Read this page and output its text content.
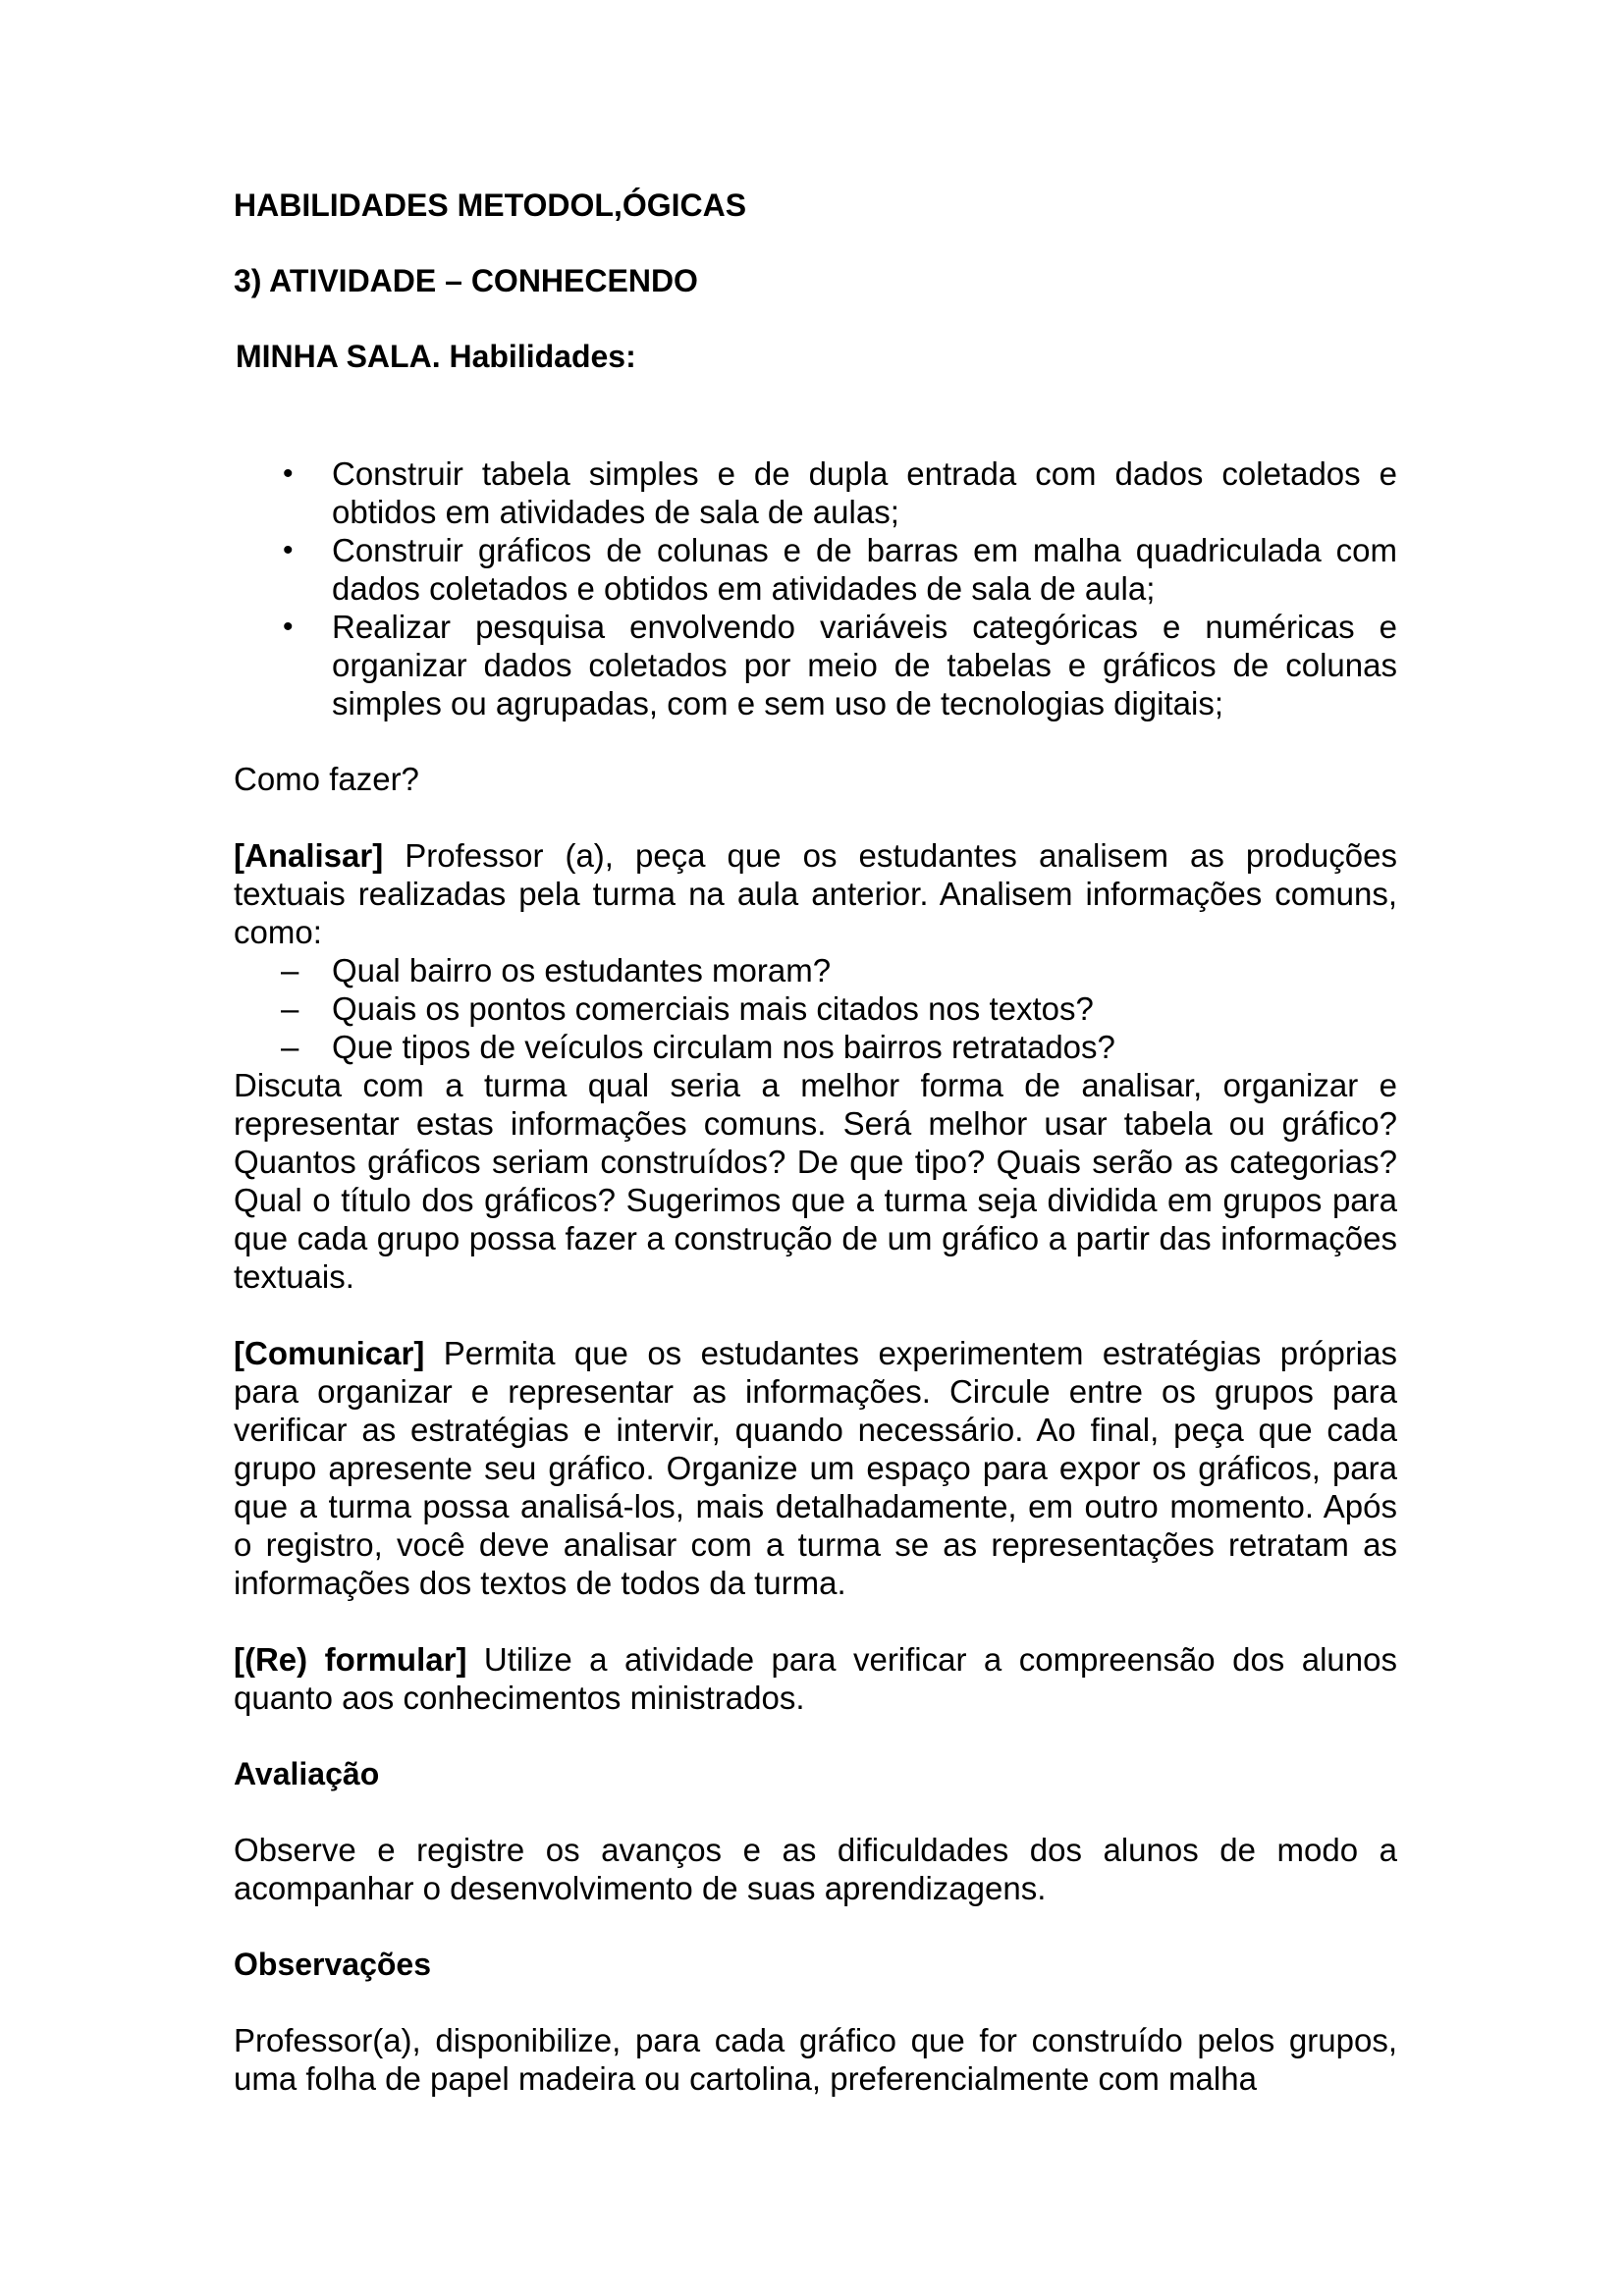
HABILIDADES METODOL,ÓGICAS

3) ATIVIDADE – CONHECENDO

MINHA SALA. Habilidades:

• Construir tabela simples e de dupla entrada com dados coletados e obtidos em atividades de sala de aulas;
• Construir gráficos de colunas e de barras em malha quadriculada com dados coletados e obtidos em atividades de sala de aula;
• Realizar pesquisa envolvendo variáveis categóricas e numéricas e organizar dados coletados por meio de tabelas e gráficos de colunas simples ou agrupadas, com e sem uso de tecnologias digitais;

Como fazer?

[Analisar] Professor (a), peça que os estudantes analisem as produções textuais realizadas pela turma na aula anterior. Analisem informações comuns, como:

– Qual bairro os estudantes moram?
– Quais os pontos comerciais mais citados nos textos?
– Que tipos de veículos circulam nos bairros retratados?

Discuta com a turma qual seria a melhor forma de analisar, organizar e representar estas informações comuns. Será melhor usar tabela ou gráfico? Quantos gráficos seriam construídos? De que tipo? Quais serão as categorias? Qual o título dos gráficos? Sugerimos que a turma seja dividida em grupos para que cada grupo possa fazer a construção de um gráfico a partir das informações textuais.

[Comunicar] Permita que os estudantes experimentem estratégias próprias para organizar e representar as informações. Circule entre os grupos para verificar as estratégias e intervir, quando necessário. Ao final, peça que cada grupo apresente seu gráfico. Organize um espaço para expor os gráficos, para que a turma possa analisá-los, mais detalhadamente, em outro momento. Após o registro, você deve analisar com a turma se as representações retratam as informações dos textos de todos da turma.

[(Re) formular] Utilize a atividade para verificar a compreensão dos alunos quanto aos conhecimentos ministrados.

Avaliação

Observe e registre os avanços e as dificuldades dos alunos de modo a acompanhar o desenvolvimento de suas aprendizagens.

Observações

Professor(a), disponibilize, para cada gráfico que for construído pelos grupos, uma folha de papel madeira ou cartolina, preferencialmente com malha
